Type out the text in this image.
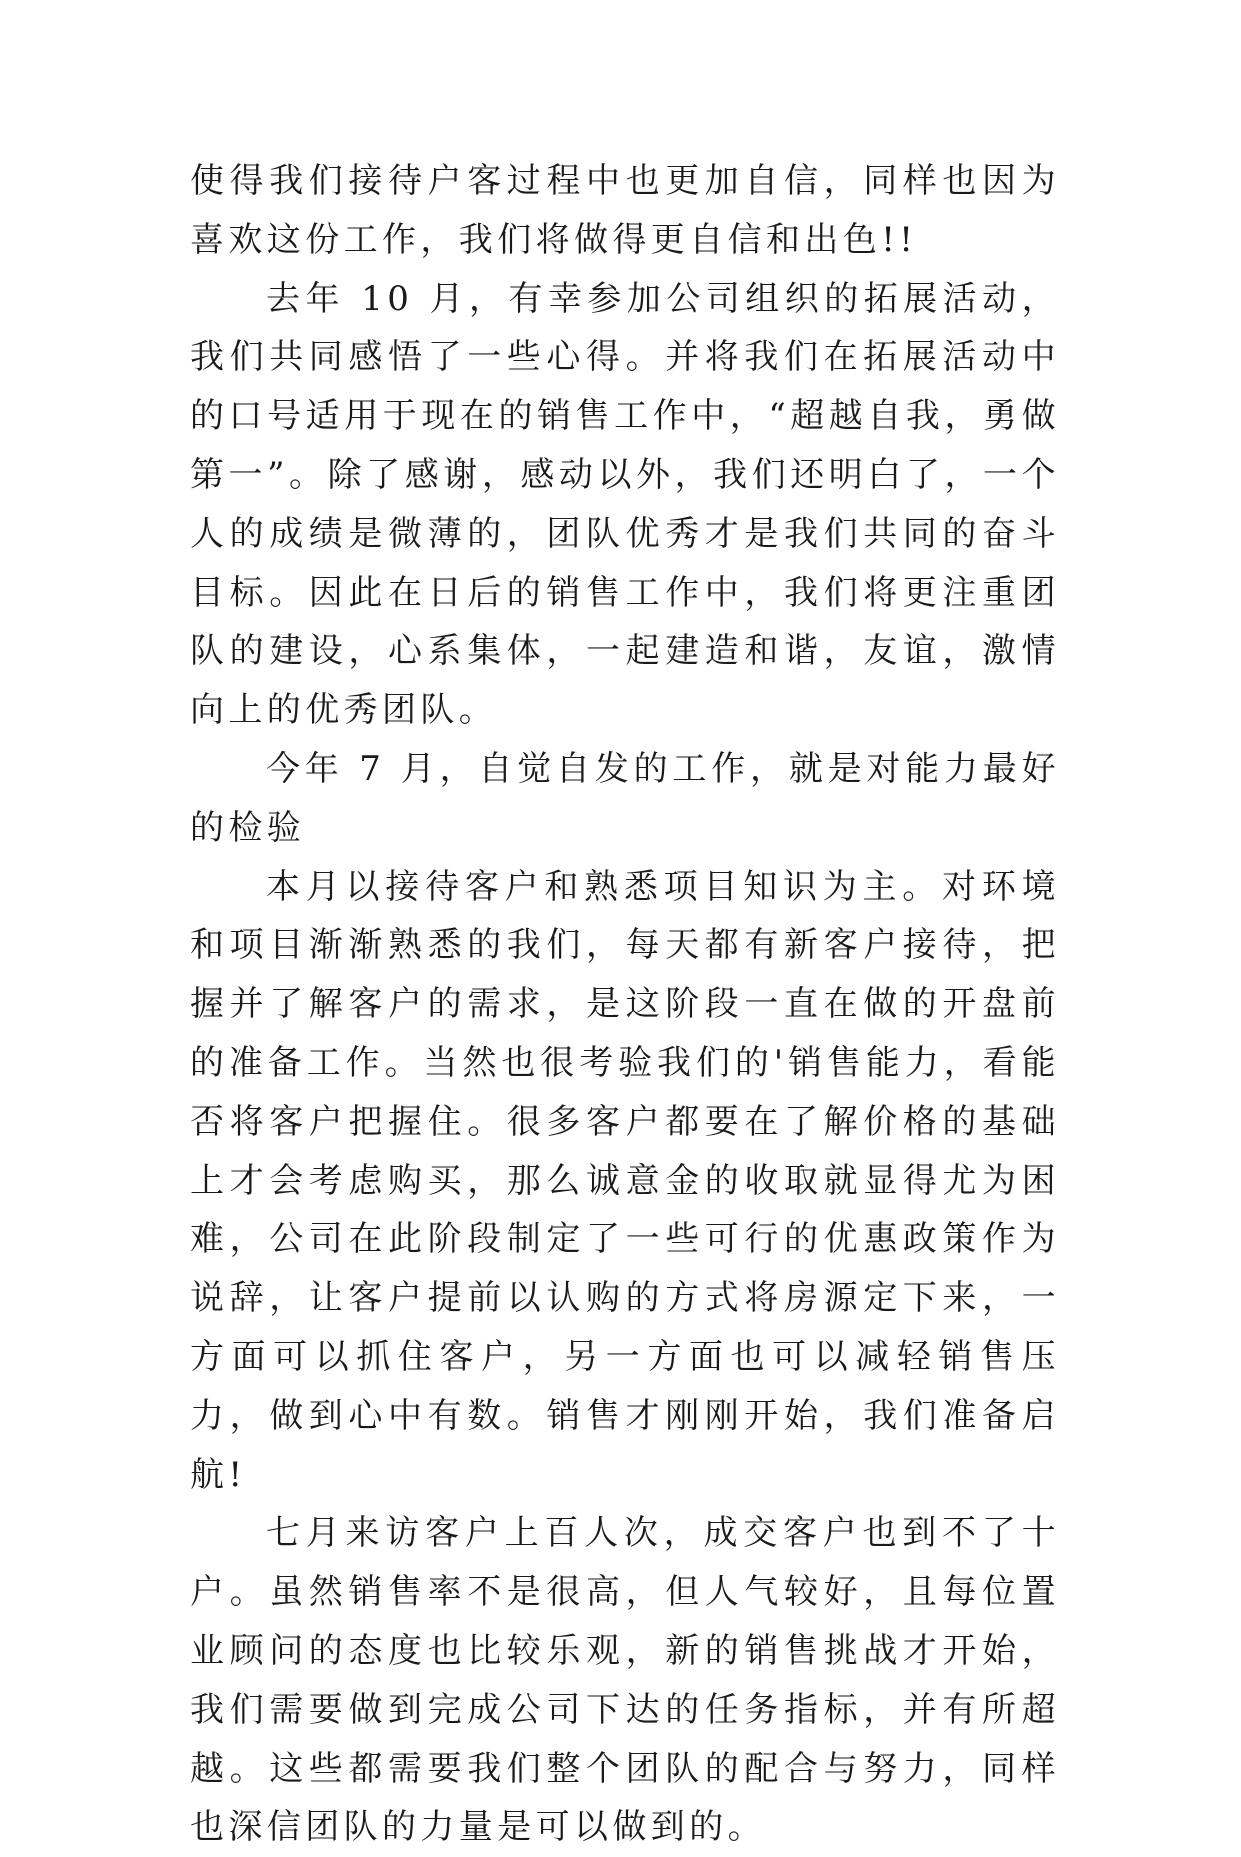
使得我们接待户客过程中也更加自信，同样也因为喜欢这份工作，我们将做得更自信和出色!!

去年 10 月，有幸参加公司组织的拓展活动，我们共同感悟了一些心得。并将我们在拓展活动中的口号适用于现在的销售工作中，“超越自我，勇做第一”。除了感谢，感动以外，我们还明白了，一个人的成绩是微薄的，团队优秀才是我们共同的奋斗目标。因此在日后的销售工作中，我们将更注重团队的建设，心系集体，一起建造和谐，友谊，激情向上的优秀团队。

今年 7 月，自觉自发的工作，就是对能力最好的检验

本月以接待客户和熟悉项目知识为主。对环境和项目渐渐熟悉的我们，每天都有新客户接待，把握并了解客户的需求，是这阶段一直在做的开盘前的准备工作。当然也很考验我们的'销售能力，看能否将客户把握住。很多客户都要在了解价格的基础上才会考虑购买，那么诚意金的收取就显得尤为困难，公司在此阶段制定了一些可行的优惠政策作为说辞，让客户提前以认购的方式将房源定下来，一方面可以抓住客户，另一方面也可以减轻销售压力，做到心中有数。销售才刚刚开始，我们准备启航!

七月来访客户上百人次，成交客户也到不了十户。虽然销售率不是很高，但人气较好，且每位置业顾问的态度也比较乐观，新的销售挑战才开始，我们需要做到完成公司下达的任务指标，并有所超越。这些都需要我们整个团队的配合与努力，同样也深信团队的力量是可以做到的。
